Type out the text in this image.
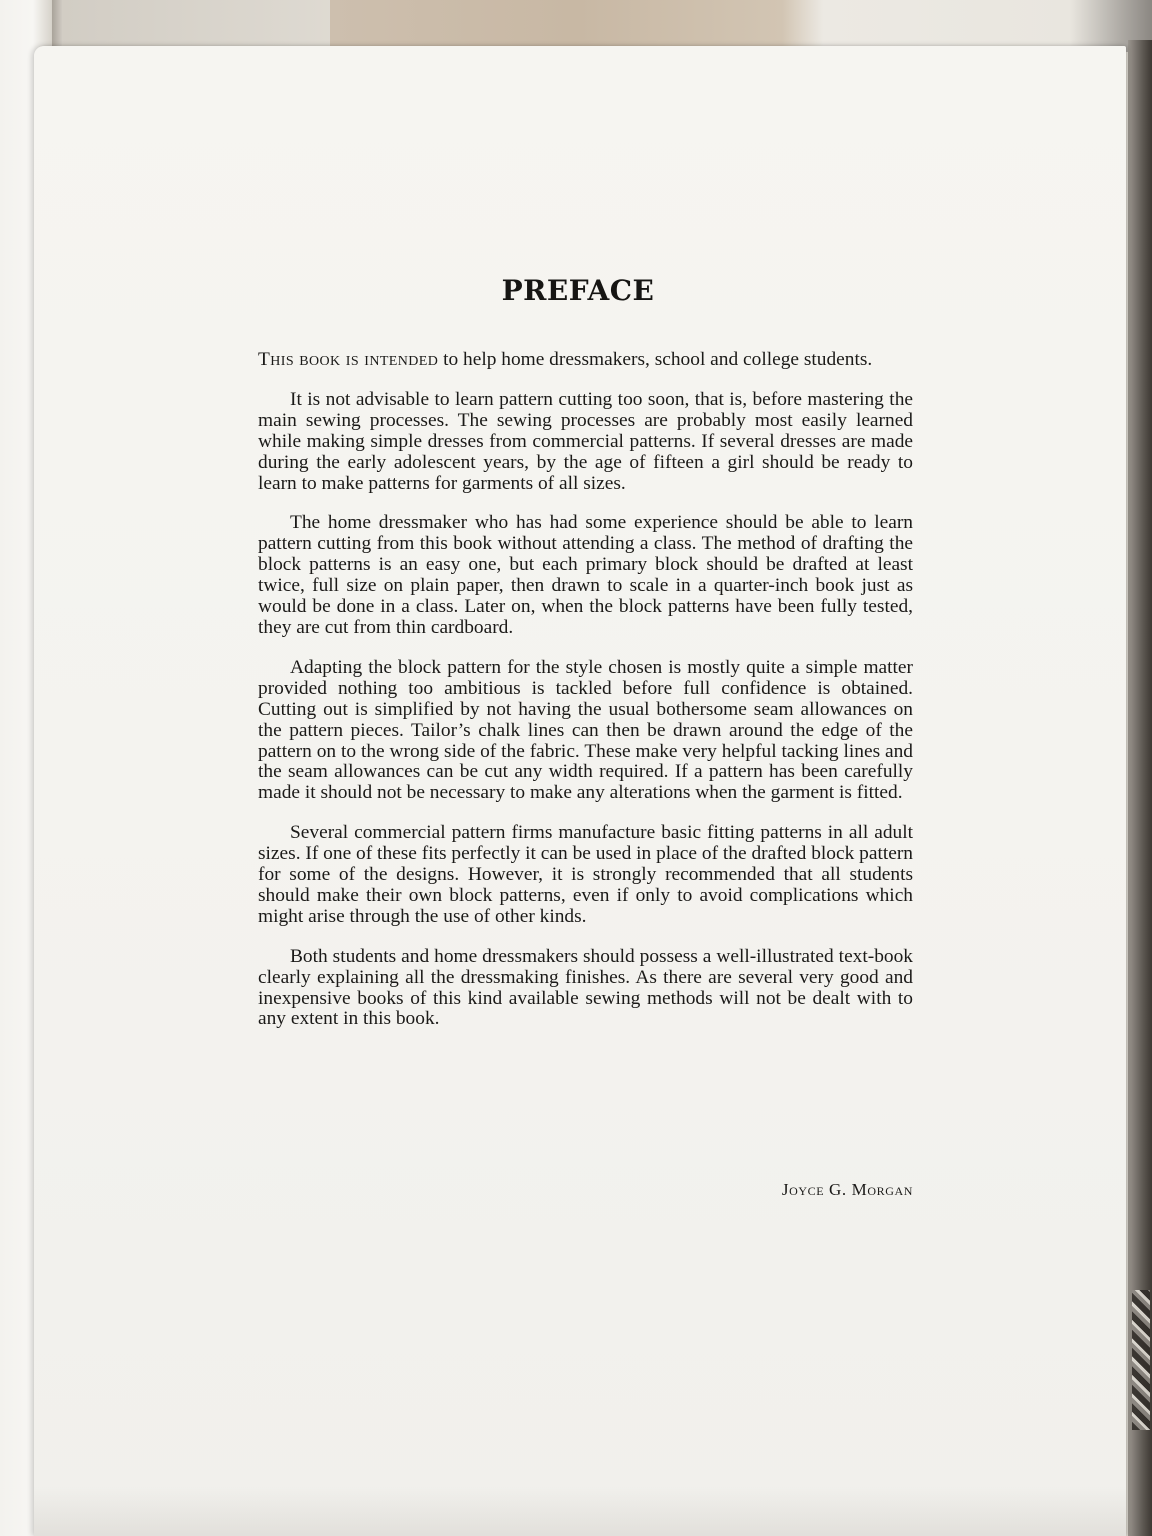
PREFACE

This book is intended to help home dressmakers, school and college students.

It is not advisable to learn pattern cutting too soon, that is, before mastering the main sewing processes. The sewing processes are probably most easily learned while making simple dresses from commercial patterns. If several dresses are made during the early adolescent years, by the age of fifteen a girl should be ready to learn to make patterns for garments of all sizes.

The home dressmaker who has had some experience should be able to learn pattern cutting from this book without attending a class. The method of drafting the block patterns is an easy one, but each primary block should be drafted at least twice, full size on plain paper, then drawn to scale in a quarter-inch book just as would be done in a class. Later on, when the block patterns have been fully tested, they are cut from thin cardboard.

Adapting the block pattern for the style chosen is mostly quite a simple matter provided nothing too ambitious is tackled before full confidence is obtained. Cutting out is simplified by not having the usual bothersome seam allowances on the pattern pieces. Tailor’s chalk lines can then be drawn around the edge of the pattern on to the wrong side of the fabric. These make very helpful tacking lines and the seam allowances can be cut any width required. If a pattern has been carefully made it should not be necessary to make any alterations when the garment is fitted.

Several commercial pattern firms manufacture basic fitting patterns in all adult sizes. If one of these fits perfectly it can be used in place of the drafted block pattern for some of the designs. However, it is strongly recommended that all students should make their own block patterns, even if only to avoid complications which might arise through the use of other kinds.

Both students and home dressmakers should possess a well-illustrated text-book clearly explaining all the dressmaking finishes. As there are several very good and inexpensive books of this kind available sewing methods will not be dealt with to any extent in this book.

Joyce G. Morgan
